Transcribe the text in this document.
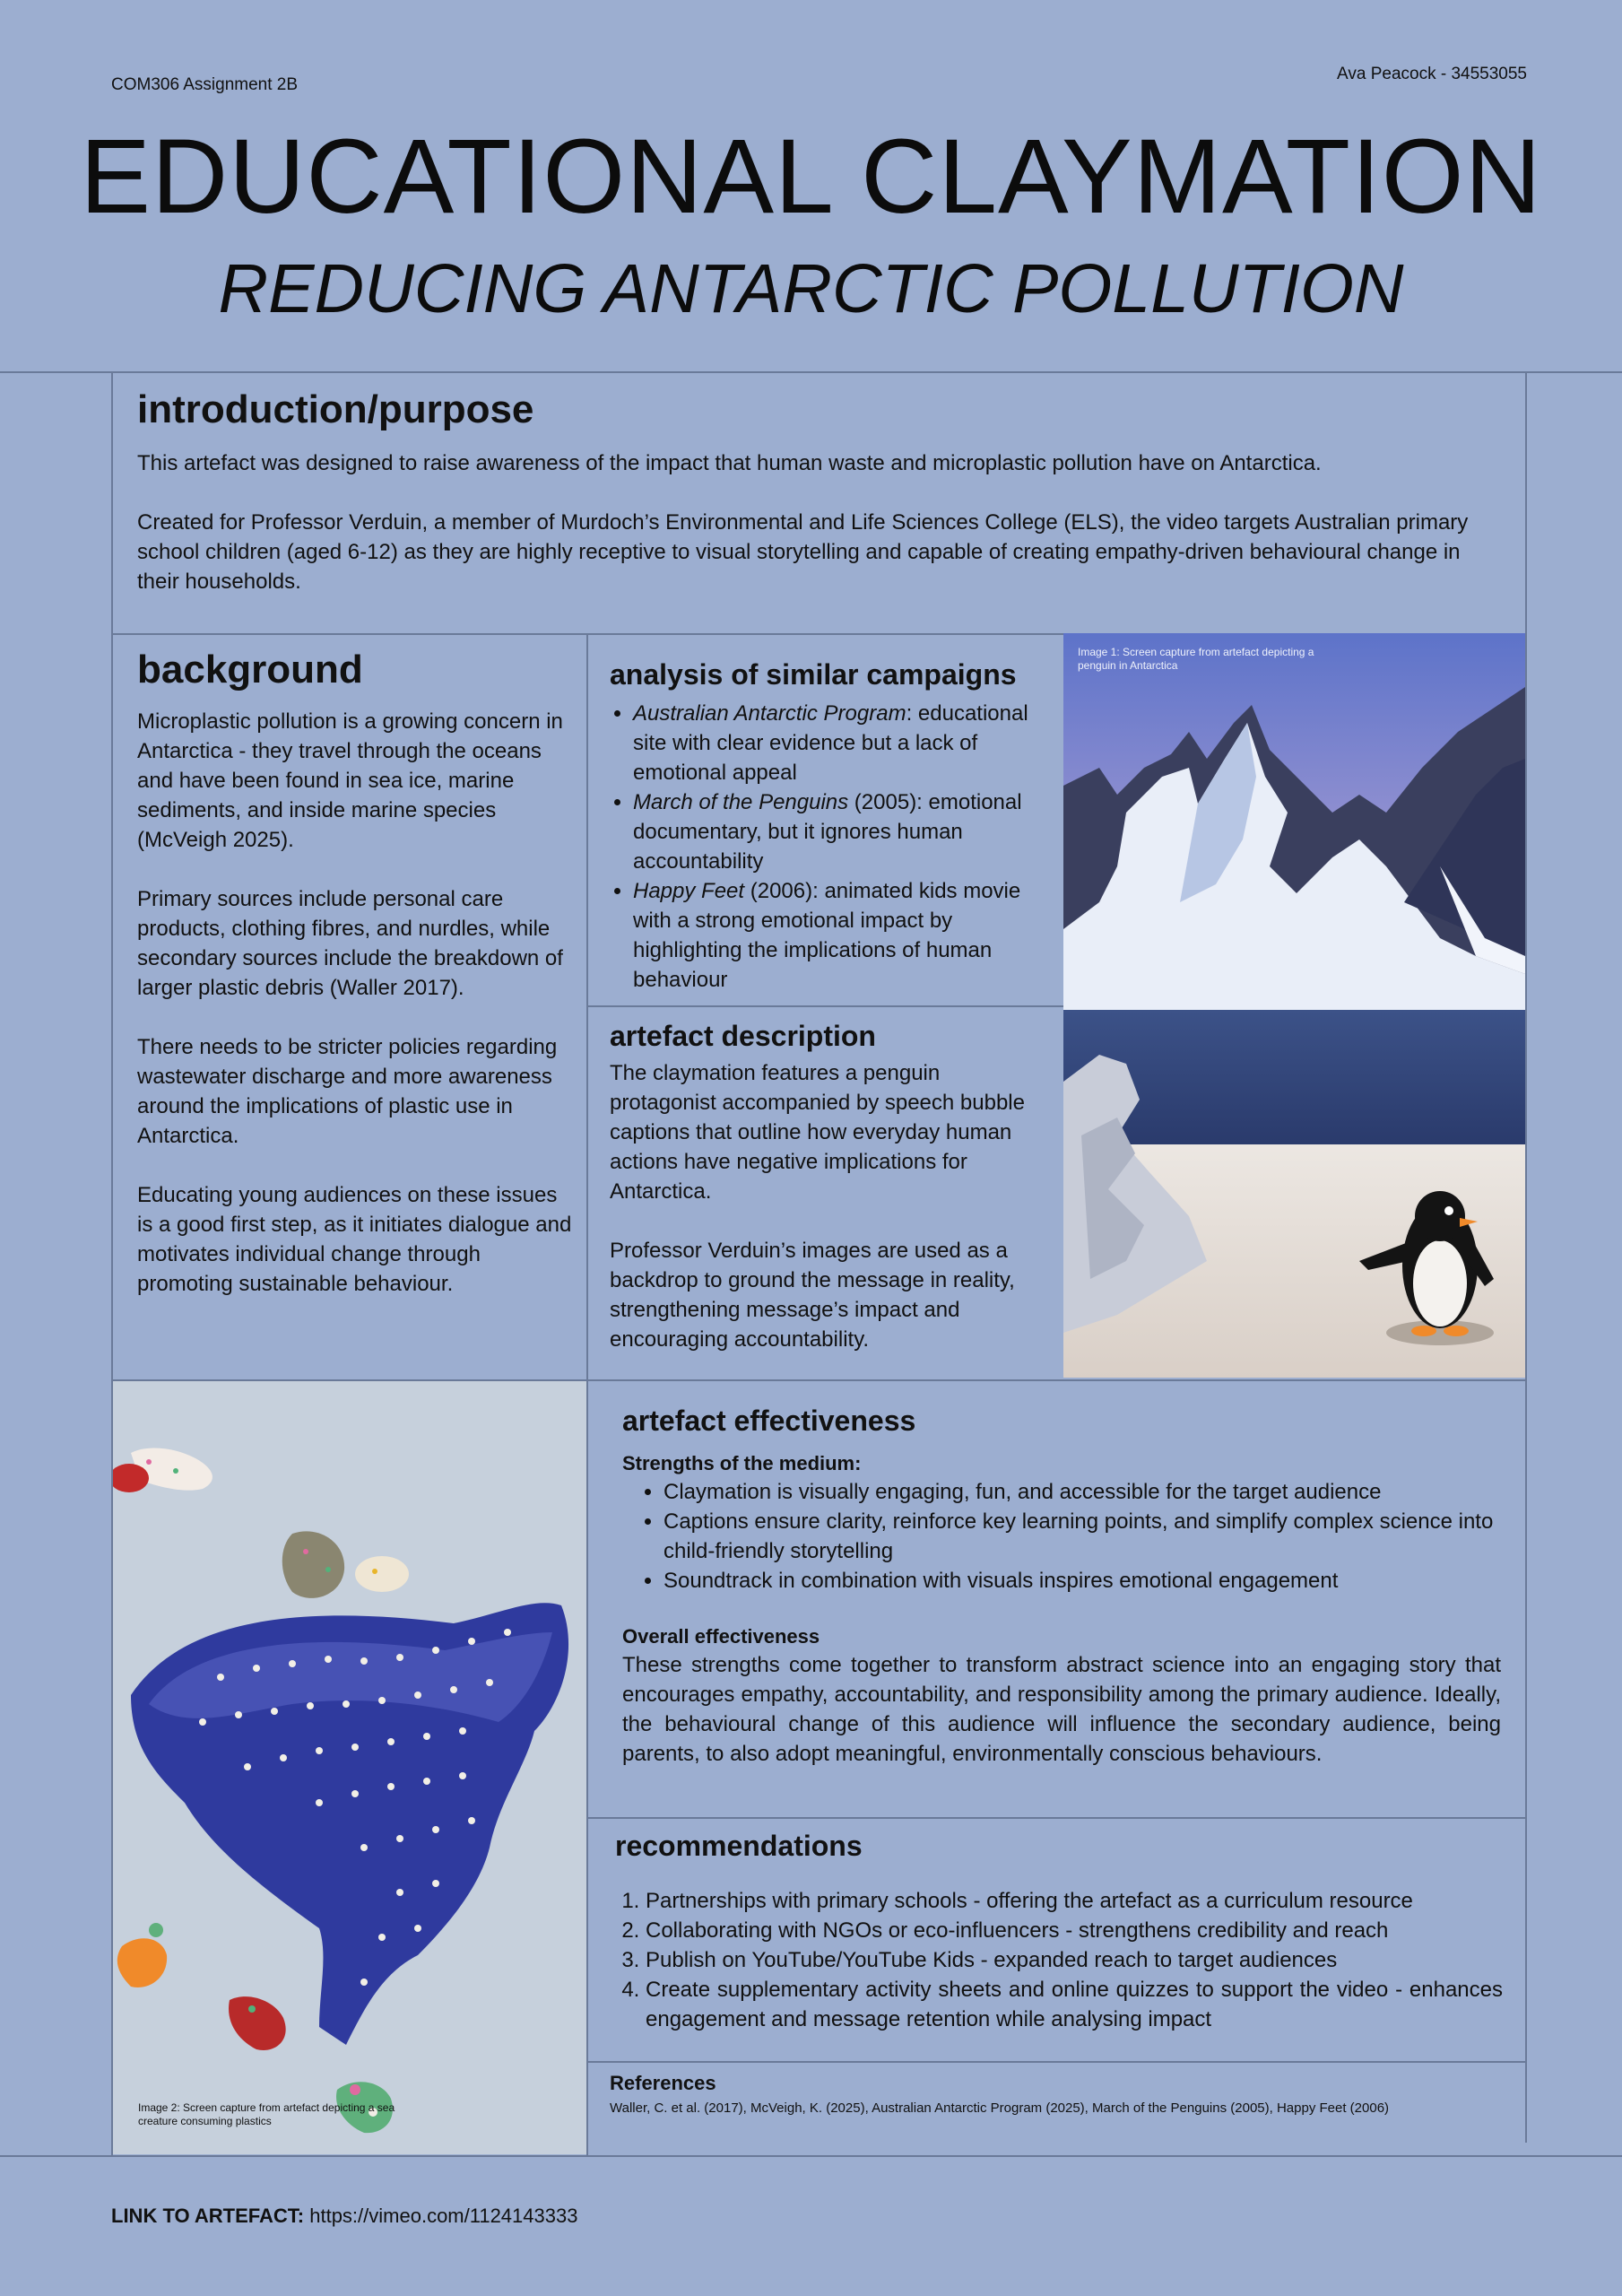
COM306 Assignment 2B
Ava Peacock - 34553055
EDUCATIONAL CLAYMATION
REDUCING ANTARCTIC POLLUTION
introduction/purpose

This artefact was designed to raise awareness of the impact that human waste and microplastic pollution have on Antarctica.

Created for Professor Verduin, a member of Murdoch’s Environmental and Life Sciences College (ELS), the video targets Australian primary school children (aged 6-12) as they are highly receptive to visual storytelling and capable of creating empathy-driven behavioural change in their households.

background

Microplastic pollution is a growing concern in Antarctica - they travel through the oceans and have been found in sea ice, marine sediments, and inside marine species (McVeigh 2025).

Primary sources include personal care products, clothing fibres, and nurdles, while secondary sources include the breakdown of larger plastic debris (Waller 2017).

There needs to be stricter policies regarding wastewater discharge and more awareness around the implications of plastic use in Antarctica.

Educating young audiences on these issues is a good first step, as it initiates dialogue and motivates individual change through promoting sustainable behaviour.

analysis of similar campaigns
• Australian Antarctic Program: educational site with clear evidence but a lack of emotional appeal
• March of the Penguins (2005): emotional documentary, but it ignores human accountability
• Happy Feet (2006): animated kids movie with a strong emotional impact by highlighting the implications of human behaviour
artefact description

The claymation features a penguin protagonist accompanied by speech bubble captions that outline how everyday human actions have negative implications for Antarctica.

Professor Verduin’s images are used as a backdrop to ground the message in reality, strengthening message’s impact and encouraging accountability.

Image 1: Screen capture from artefact depicting a penguin in Antarctica
Image 2: Screen capture from artefact depicting a sea creature consuming plastics
artefact effectiveness
Strengths of the medium:
• Claymation is visually engaging, fun, and accessible for the target audience
• Captions ensure clarity, reinforce key learning points, and simplify complex science into child-friendly storytelling
• Soundtrack in combination with visuals inspires emotional engagement
Overall effectiveness

These strengths come together to transform abstract science into an engaging story that encourages empathy, accountability, and responsibility among the primary audience. Ideally, the behavioural change of this audience will influence the secondary audience, being parents, to also adopt meaningful, environmentally conscious behaviours.

recommendations
1. Partnerships with primary schools - offering the artefact as a curriculum resource
2. Collaborating with NGOs or eco-influencers - strengthens credibility and reach
3. Publish on YouTube/YouTube Kids - expanded reach to target audiences
4. Create supplementary activity sheets and online quizzes to support the video - enhances engagement and message retention while analysing impact
References
Waller, C. et al. (2017), McVeigh, K. (2025), Australian Antarctic Program (2025), March of the Penguins (2005), Happy Feet (2006)
LINK TO ARTEFACT: https://vimeo.com/1124143333
